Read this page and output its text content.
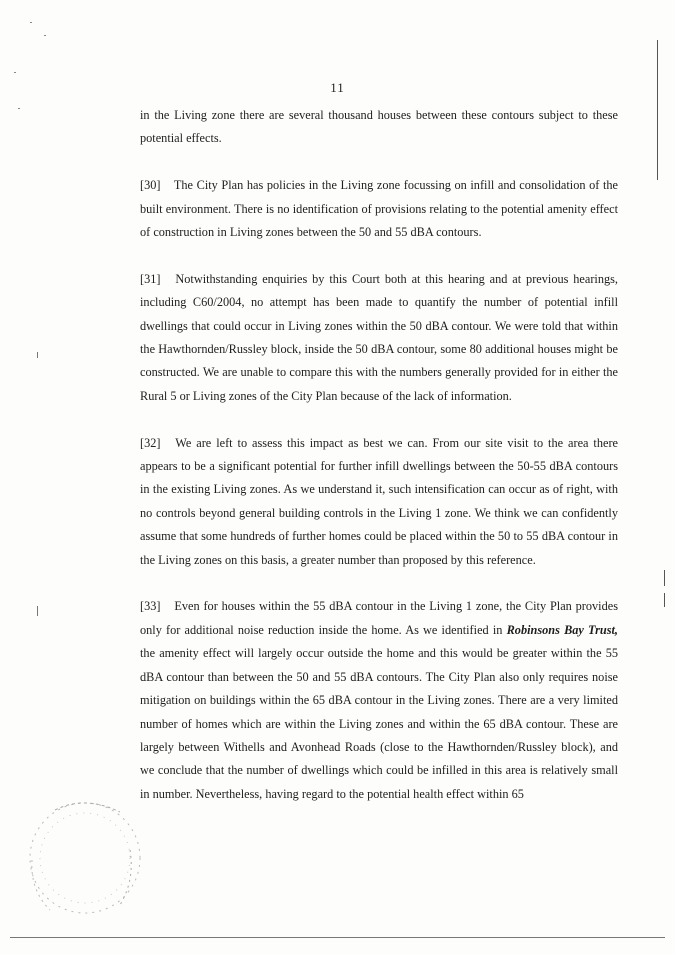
11

in the Living zone there are several thousand houses between these contours subject to these potential effects.

[30] The City Plan has policies in the Living zone focussing on infill and consolidation of the built environment. There is no identification of provisions relating to the potential amenity effect of construction in Living zones between the 50 and 55 dBA contours.

[31] Notwithstanding enquiries by this Court both at this hearing and at previous hearings, including C60/2004, no attempt has been made to quantify the number of potential infill dwellings that could occur in Living zones within the 50 dBA contour. We were told that within the Hawthornden/Russley block, inside the 50 dBA contour, some 80 additional houses might be constructed. We are unable to compare this with the numbers generally provided for in either the Rural 5 or Living zones of the City Plan because of the lack of information.

[32] We are left to assess this impact as best we can. From our site visit to the area there appears to be a significant potential for further infill dwellings between the 50-55 dBA contours in the existing Living zones. As we understand it, such intensification can occur as of right, with no controls beyond general building controls in the Living 1 zone. We think we can confidently assume that some hundreds of further homes could be placed within the 50 to 55 dBA contour in the Living zones on this basis, a greater number than proposed by this reference.

[33] Even for houses within the 55 dBA contour in the Living 1 zone, the City Plan provides only for additional noise reduction inside the home. As we identified in Robinsons Bay Trust, the amenity effect will largely occur outside the home and this would be greater within the 55 dBA contour than between the 50 and 55 dBA contours. The City Plan also only requires noise mitigation on buildings within the 65 dBA contour in the Living zones. There are a very limited number of homes which are within the Living zones and within the 65 dBA contour. These are largely between Withells and Avonhead Roads (close to the Hawthornden/Russley block), and we conclude that the number of dwellings which could be infilled in this area is relatively small in number. Nevertheless, having regard to the potential health effect within 65
